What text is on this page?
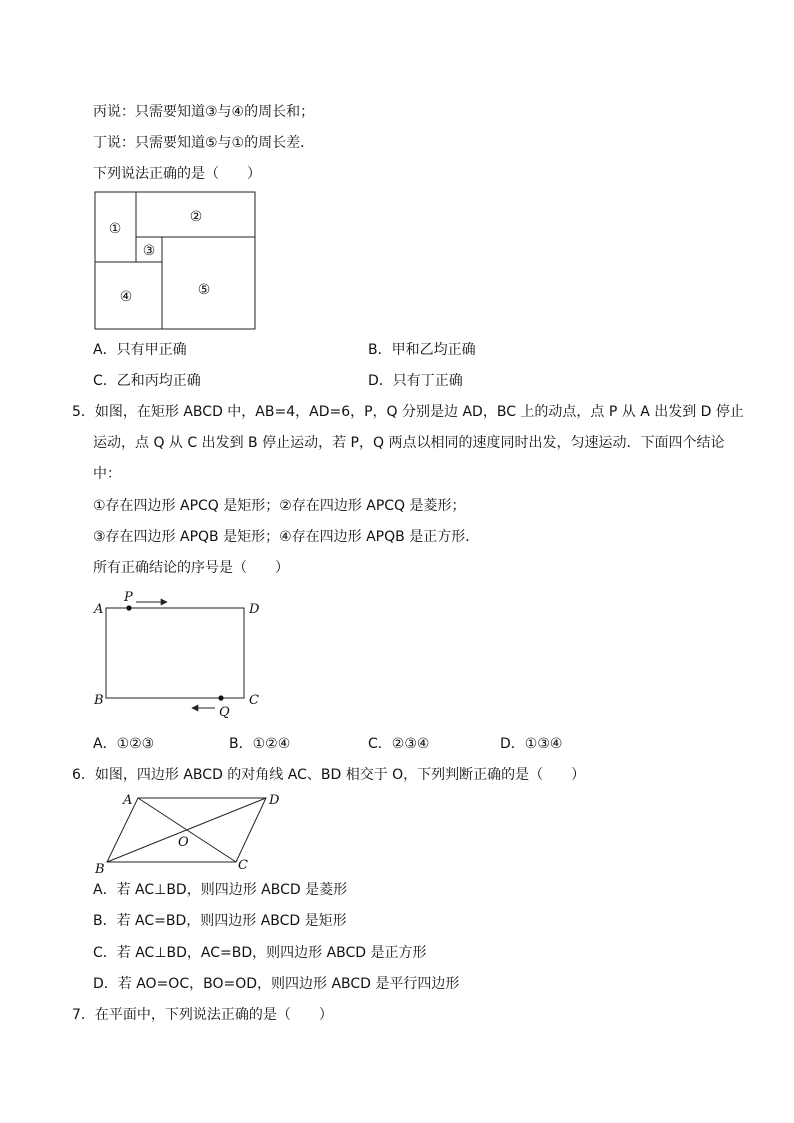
丙说：只需要知道③与④的周长和；
丁说：只需要知道⑤与①的周长差．
下列说法正确的是（　　）
①
②
③
④	⑤
A．只有甲正确	B．甲和乙均正确
C．乙和丙均正确	D．只有丁正确
5．如图，在矩形 ABCD 中，AB=4，AD=6，P，Q 分别是边 AD，BC 上的动点，点 P 从 A 出发到 D 停止
运动，点 Q 从 C 出发到 B 停止运动，若 P，Q 两点以相同的速度同时出发，匀速运动．下面四个结论
中：
①存在四边形 APCQ 是矩形；②存在四边形 APCQ 是菱形；
③存在四边形 APQB 是矩形；④存在四边形 APQB 是正方形．
所有正确结论的序号是（　　）
A
P
D
B	C
Q
A．①②③	B．①②④	C．②③④	D．①③④
6．如图，四边形 ABCD 的对角线 AC、BD 相交于 O，下列判断正确的是（　　）
A	D
O
B	C
A．若 AC⊥BD，则四边形 ABCD 是菱形
B．若 AC=BD，则四边形 ABCD 是矩形
C．若 AC⊥BD，AC=BD，则四边形 ABCD 是正方形
D．若 AO=OC，BO=OD，则四边形 ABCD 是平行四边形
7．在平面中，下列说法正确的是（　　）
